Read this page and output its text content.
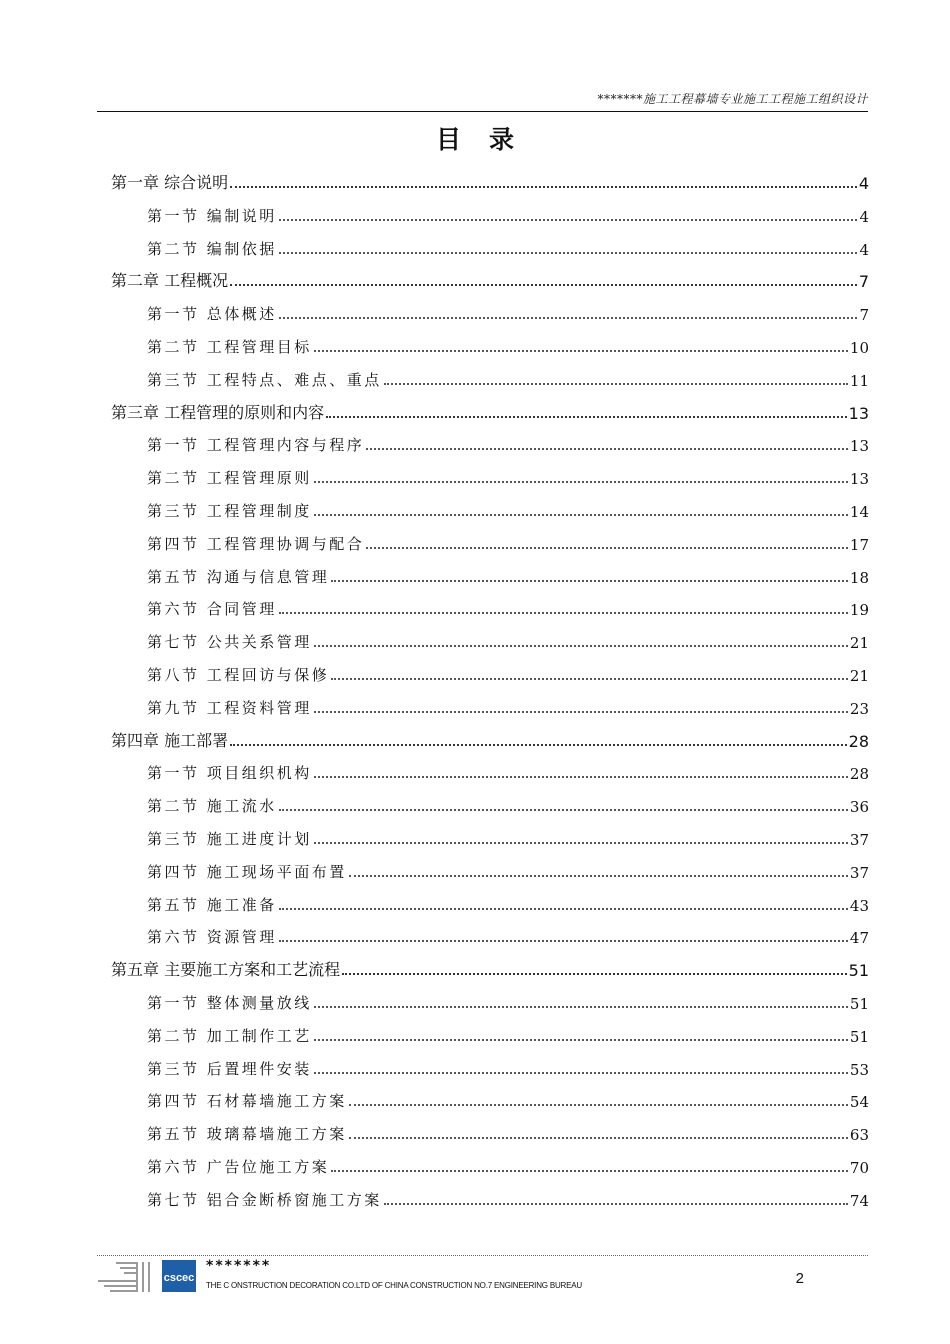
*******施工工程幕墙专业施工工程施工组织设计
目录
第一章 综合说明	4
第一节 编制说明	4
第二节 编制依据	4
第二章 工程概况	7
第一节 总体概述	7
第二节 工程管理目标	10
第三节 工程特点、难点、重点	11
第三章 工程管理的原则和内容	13
第一节 工程管理内容与程序	13
第二节 工程管理原则	13
第三节 工程管理制度	14
第四节 工程管理协调与配合	17
第五节 沟通与信息管理	18
第六节 合同管理	19
第七节 公共关系管理	21
第八节 工程回访与保修	21
第九节 工程资料管理	23
第四章 施工部署	28
第一节 项目组织机构	28
第二节 施工流水	36
第三节 施工进度计划	37
第四节 施工现场平面布置	37
第五节 施工准备	43
第六节 资源管理	47
第五章 主要施工方案和工艺流程	51
第一节 整体测量放线	51
第二节 加工制作工艺	51
第三节 后置埋件安装	53
第四节 石材幕墙施工方案	54
第五节 玻璃幕墙施工方案	63
第六节 广告位施工方案	70
第七节 铝合金断桥窗施工方案	74
cscec
*******
THE C ONSTRUCTION DECORATION CO.LTD OF CHINA CONSTRUCTION NO.7 ENGINEERING BUREAU	2
